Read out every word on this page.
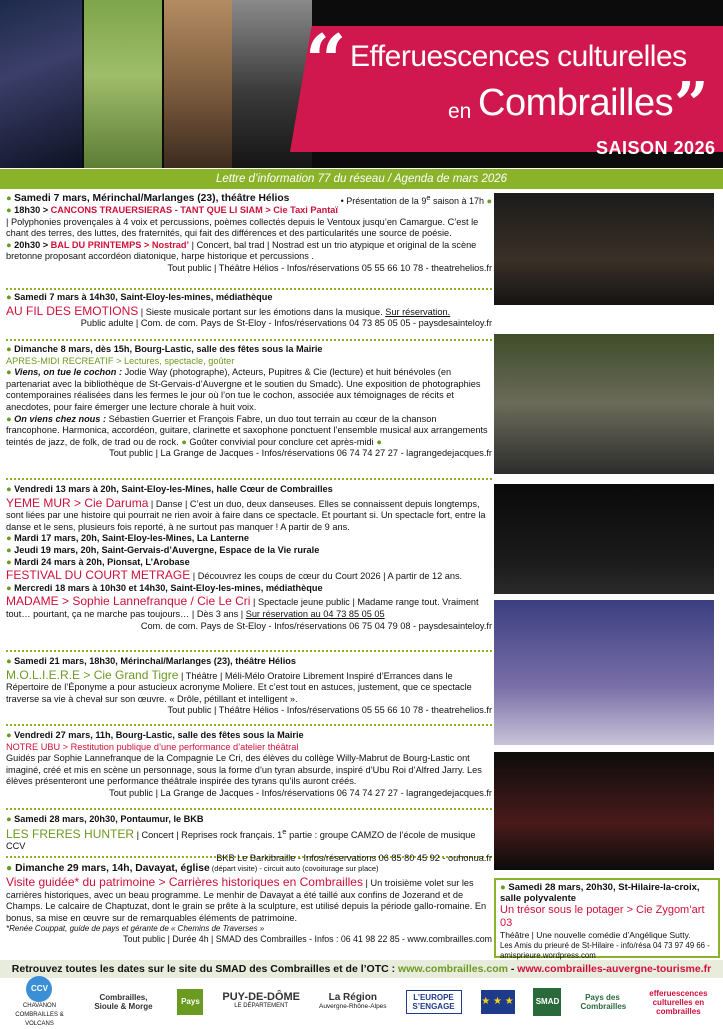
“ Efferuescences culturelles
en Combrailles ”
SAISON 2026
Lettre d’information 77 du réseau / Agenda de mars 2026

● Samedi 7 mars, Mérinchal/Marlanges (23), théâtre Hélios	• Présentation de la 9e saison à 17h ●

● 18h30 > CANCONS TRAUERSIERAS - TANT QUE LI SIAM > Cie Taxi Pantaï | Polyphonies provençales à 4 voix et percussions, poèmes collectés depuis le Ventoux jusqu’en Camargue. C’est le chant des terres, des luttes, des fraternités, qui fait des différences et des particularités une source de poésie.

● 20h30 > BAL DU PRINTEMPS > Nostrad’ | Concert, bal trad | Nostrad est un trio atypique et original de la scène bretonne proposant accordéon diatonique, harpe historique et percussions .

Tout public | Théâtre Hélios - Infos/réservations 05 55 66 10 78 - theatrehelios.fr

● Samedi 7 mars à 14h30, Saint-Eloy-les-mines, médiathèque

AU FIL DES EMOTIONS | Sieste musicale portant sur les émotions dans la musique. Sur réservation.

Public adulte | Com. de com. Pays de St-Eloy - Infos/réservations 04 73 85 05 05 - paysdesainteloy.fr

● Dimanche 8 mars, dès 15h, Bourg-Lastic, salle des fêtes sous la Mairie

APRES-MIDI RECREATIF > Lectures, spectacle, goûter

● Viens, on tue le cochon : Jodie Way (photographe), Acteurs, Pupitres & Cie (lecture) et huit bénévoles (en partenariat avec la bibliothèque de St-Gervais-d’Auvergne et le soutien du Smadc). Une exposition de photographies contemporaines réalisées dans les fermes le jour où l’on tue le cochon, associée aux témoignages de récits et anecdotes, pour faire émerger une lecture chorale à huit voix.

● On viens chez nous : Sébastien Guerrier et François Fabre, un duo tout terrain au cœur de la chanson francophone. Harmonica, accordéon, guitare, clarinette et saxophone ponctuent l’ensemble musical aux arrangements teintés de jazz, de folk, de trad ou de rock. ● Goûter convivial pour conclure cet après-midi ●

Tout public | La Grange de Jacques - Infos/réservations 06 74 74 27 27 - lagrangedejacques.fr

● Vendredi 13 mars à 20h, Saint-Eloy-les-Mines, halle Cœur de Combrailles

YEME MUR > Cie Daruma | Danse | C’est un duo, deux danseuses. Elles se connaissent depuis longtemps, sont liées par une histoire qui pourrait ne rien avoir à faire dans ce spectacle. Et pourtant si. Un spectacle fort, entre la danse et le sens, plusieurs fois reporté, à ne surtout pas manquer ! A partir de 9 ans.

● Mardi 17 mars, 20h, Saint-Eloy-les-Mines, La Lanterne

● Jeudi 19 mars, 20h, Saint-Gervais-d’Auvergne, Espace de la Vie rurale

● Mardi 24 mars à 20h, Pionsat, L’Arobase

FESTIVAL DU COURT METRAGE | Découvrez les coups de cœur du Court 2026 | A partir de 12 ans.

● Mercredi 18 mars à 10h30 et 14h30, Saint-Eloy-les-mines, médiathèque

MADAME > Sophie Lannefranque / Cie Le Cri | Spectacle jeune public | Madame range tout. Vraiment tout… pourtant, ça ne marche pas toujours… | Dès 3 ans | Sur réservation au 04 73 85 05 05

Com. de com. Pays de St-Eloy - Infos/réservations 06 75 04 79 08 - paysdesainteloy.fr

● Samedi 21 mars, 18h30, Mérinchal/Marlanges (23), théâtre Hélios

M.O.L.I.E.R.E > Cie Grand Tigre | Théâtre | Méli-Mélo Oratoire Librement Inspiré d’Errances dans le Répertoire de l’Éponyme a pour astucieux acronyme Moliere. Et c’est tout en astuces, justement, que ce spectacle traverse sa vie à chevał sur son œuvre. « Drôle, pétillant et intelligent ».

Tout public | Théâtre Hélios - Infos/réservations 05 55 66 10 78 - theatrehelios.fr

● Vendredi 27 mars, 11h, Bourg-Lastic, salle des fêtes sous la Mairie

NOTRE UBU > Restitution publique d’une performance d’atelier théâtral

Guidés par Sophie Lannefranque de la Compagnie Le Cri, des élèves du collège Willy-Mabrut de Bourg-Lastic ont imaginé, créé et mis en scène un personnage, sous la forme d’un tyran absurde, inspiré d’Ubu Roi d’Alfred Jarry. Les élèves présenteront une performance théâtrale inspirée des tyrans qu’ils auront créés.

Tout public | La Grange de Jacques - Infos/réservations 06 74 74 27 27 - lagrangedejacques.fr

● Samedi 28 mars, 20h30, Pontaumur, le BKB

LES FRERES HUNTER | Concert | Reprises rock français. 1e partie : groupe CAMZO de l’école de musique CCV

BKB Le Barkibraille - Infos/réservations 06 85 80 45 92 - ouhonua.fr

● Dimanche 29 mars, 14h, Davayat, église (départ visite) - circuit auto (covoiturage sur place)

Visite guidée* du patrimoine > Carrières historiques en Combrailles | Un troisième volet sur les carrières historiques, avec un beau programme. Le menhir de Davayat a été taillé aux confins de Jozerand et de Champs. Le calcaire de Chaptuzat, dont le grain se prête à la sculpture, est utilisé depuis la période gallo-romaine. En bonus, sa mise en œuvre sur de remarquables éléments de patrimoine.

*Renée Couppat, guide de pays et gérante de « Chemins de Traverses »

Tout public | Durée 4h | SMAD des Combrailles - Infos : 06 41 98 22 85 - www.combrailles.com

● Samedi 28 mars, 20h30, St-Hilaire-la-croix, salle polyvalente

Un trésor sous le potager > Cie Zygom’art 03

Théâtre | Une nouvelle comédie d’Angélique Sutty.

Les Amis du prieuré de St-Hilaire - info/résa 04 73 97 49 66 - amisprieure.wordpress.com

Retrouvez toutes les dates sur le site du SMAD des Combrailles et de l’OTC : www.combrailles.com - www.combrailles-auvergne-tourisme.fr
CCV
CHAVANON COMBRAILLES & VOLCANS
Combrailles, Sioule & Morge
Pays	PUY-DE-DÔME
LE DÉPARTEMENT
La Région
Auvergne-Rhône-Alpes
L’EUROPE S’ENGAGE	★ ★ ★	SMAD	Pays des Combrailles
efferuescences culturelles en combrailles
